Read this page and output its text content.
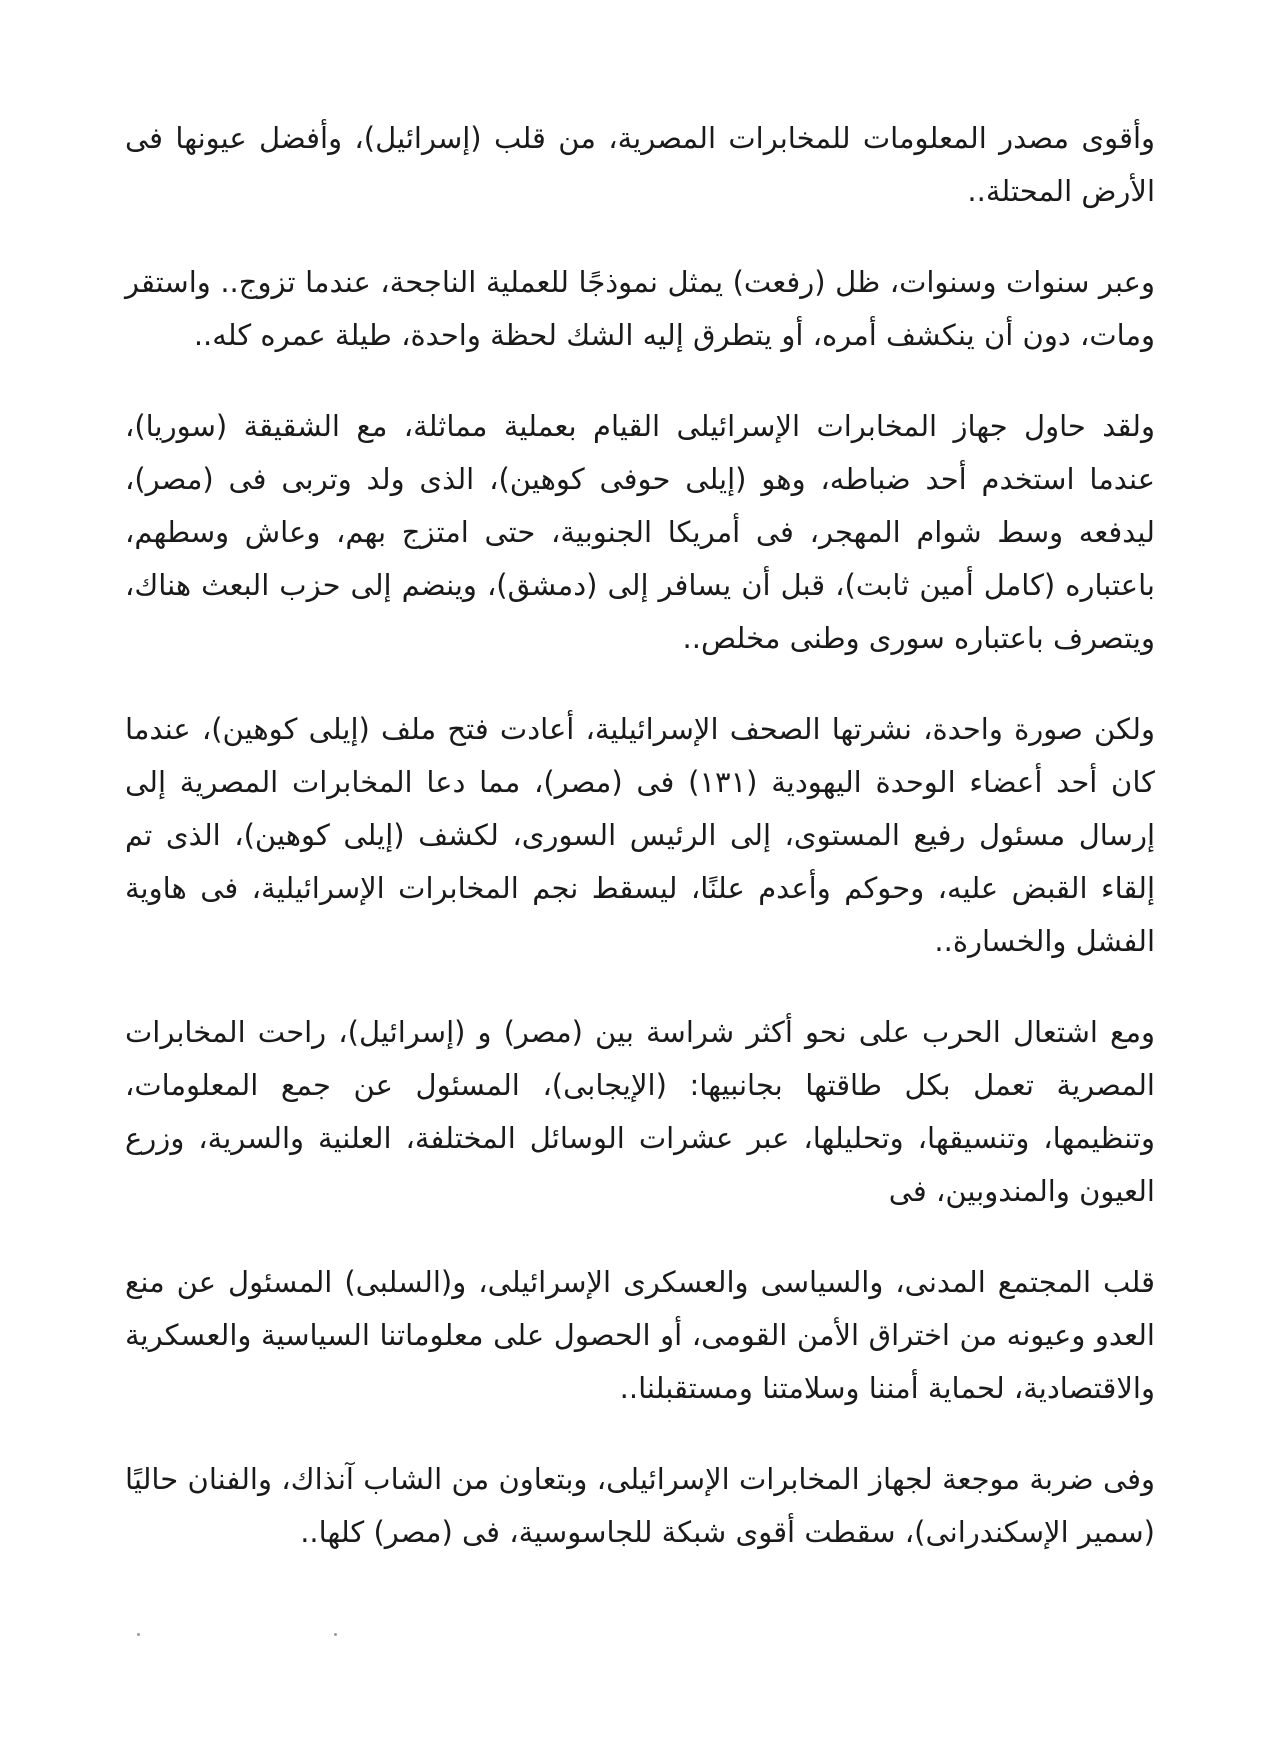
وأقوى مصدر المعلومات للمخابرات المصرية، من قلب (إسرائيل)، وأفضل عيونها فى الأرض المحتلة..

وعبر سنوات وسنوات، ظل (رفعت) يمثل نموذجًا للعملية الناجحة، عندما تزوج.. واستقر ومات، دون أن ينكشف أمره، أو يتطرق إليه الشك لحظة واحدة، طيلة عمره كله..

ولقد حاول جهاز المخابرات الإسرائيلى القيام بعملية مماثلة، مع الشقيقة (سوريا)، عندما استخدم أحد ضباطه، وهو (إيلى حوفى كوهين)، الذى ولد وتربى فى (مصر)، ليدفعه وسط شوام المهجر، فى أمريكا الجنوبية، حتى امتزج بهم، وعاش وسطهم، باعتباره (كامل أمين ثابت)، قبل أن يسافر إلى (دمشق)، وينضم إلى حزب البعث هناك، ويتصرف باعتباره سورى وطنى مخلص..

ولكن صورة واحدة، نشرتها الصحف الإسرائيلية، أعادت فتح ملف (إيلى كوهين)، عندما كان أحد أعضاء الوحدة اليهودية (١٣١) فى (مصر)، مما دعا المخابرات المصرية إلى إرسال مسئول رفيع المستوى، إلى الرئيس السورى، لكشف (إيلى كوهين)، الذى تم إلقاء القبض عليه، وحوكم وأعدم علنًا، ليسقط نجم المخابرات الإسرائيلية، فى هاوية الفشل والخسارة..

ومع اشتعال الحرب على نحو أكثر شراسة بين (مصر) و (إسرائيل)، راحت المخابرات المصرية تعمل بكل طاقتها بجانبيها: (الإيجابى)، المسئول عن جمع المعلومات، وتنظيمها، وتنسيقها، وتحليلها، عبر عشرات الوسائل المختلفة، العلنية والسرية، وزرع العيون والمندوبين، فى

قلب المجتمع المدنى، والسياسى والعسكرى الإسرائيلى، و(السلبى) المسئول عن منع العدو وعيونه من اختراق الأمن القومى، أو الحصول على معلوماتنا السياسية والعسكرية والاقتصادية، لحماية أمننا وسلامتنا ومستقبلنا..

وفى ضربة موجعة لجهاز المخابرات الإسرائيلى، وبتعاون من الشاب آنذاك، والفنان حاليًا (سمير الإسكندرانى)، سقطت أقوى شبكة للجاسوسية، فى (مصر) كلها..
